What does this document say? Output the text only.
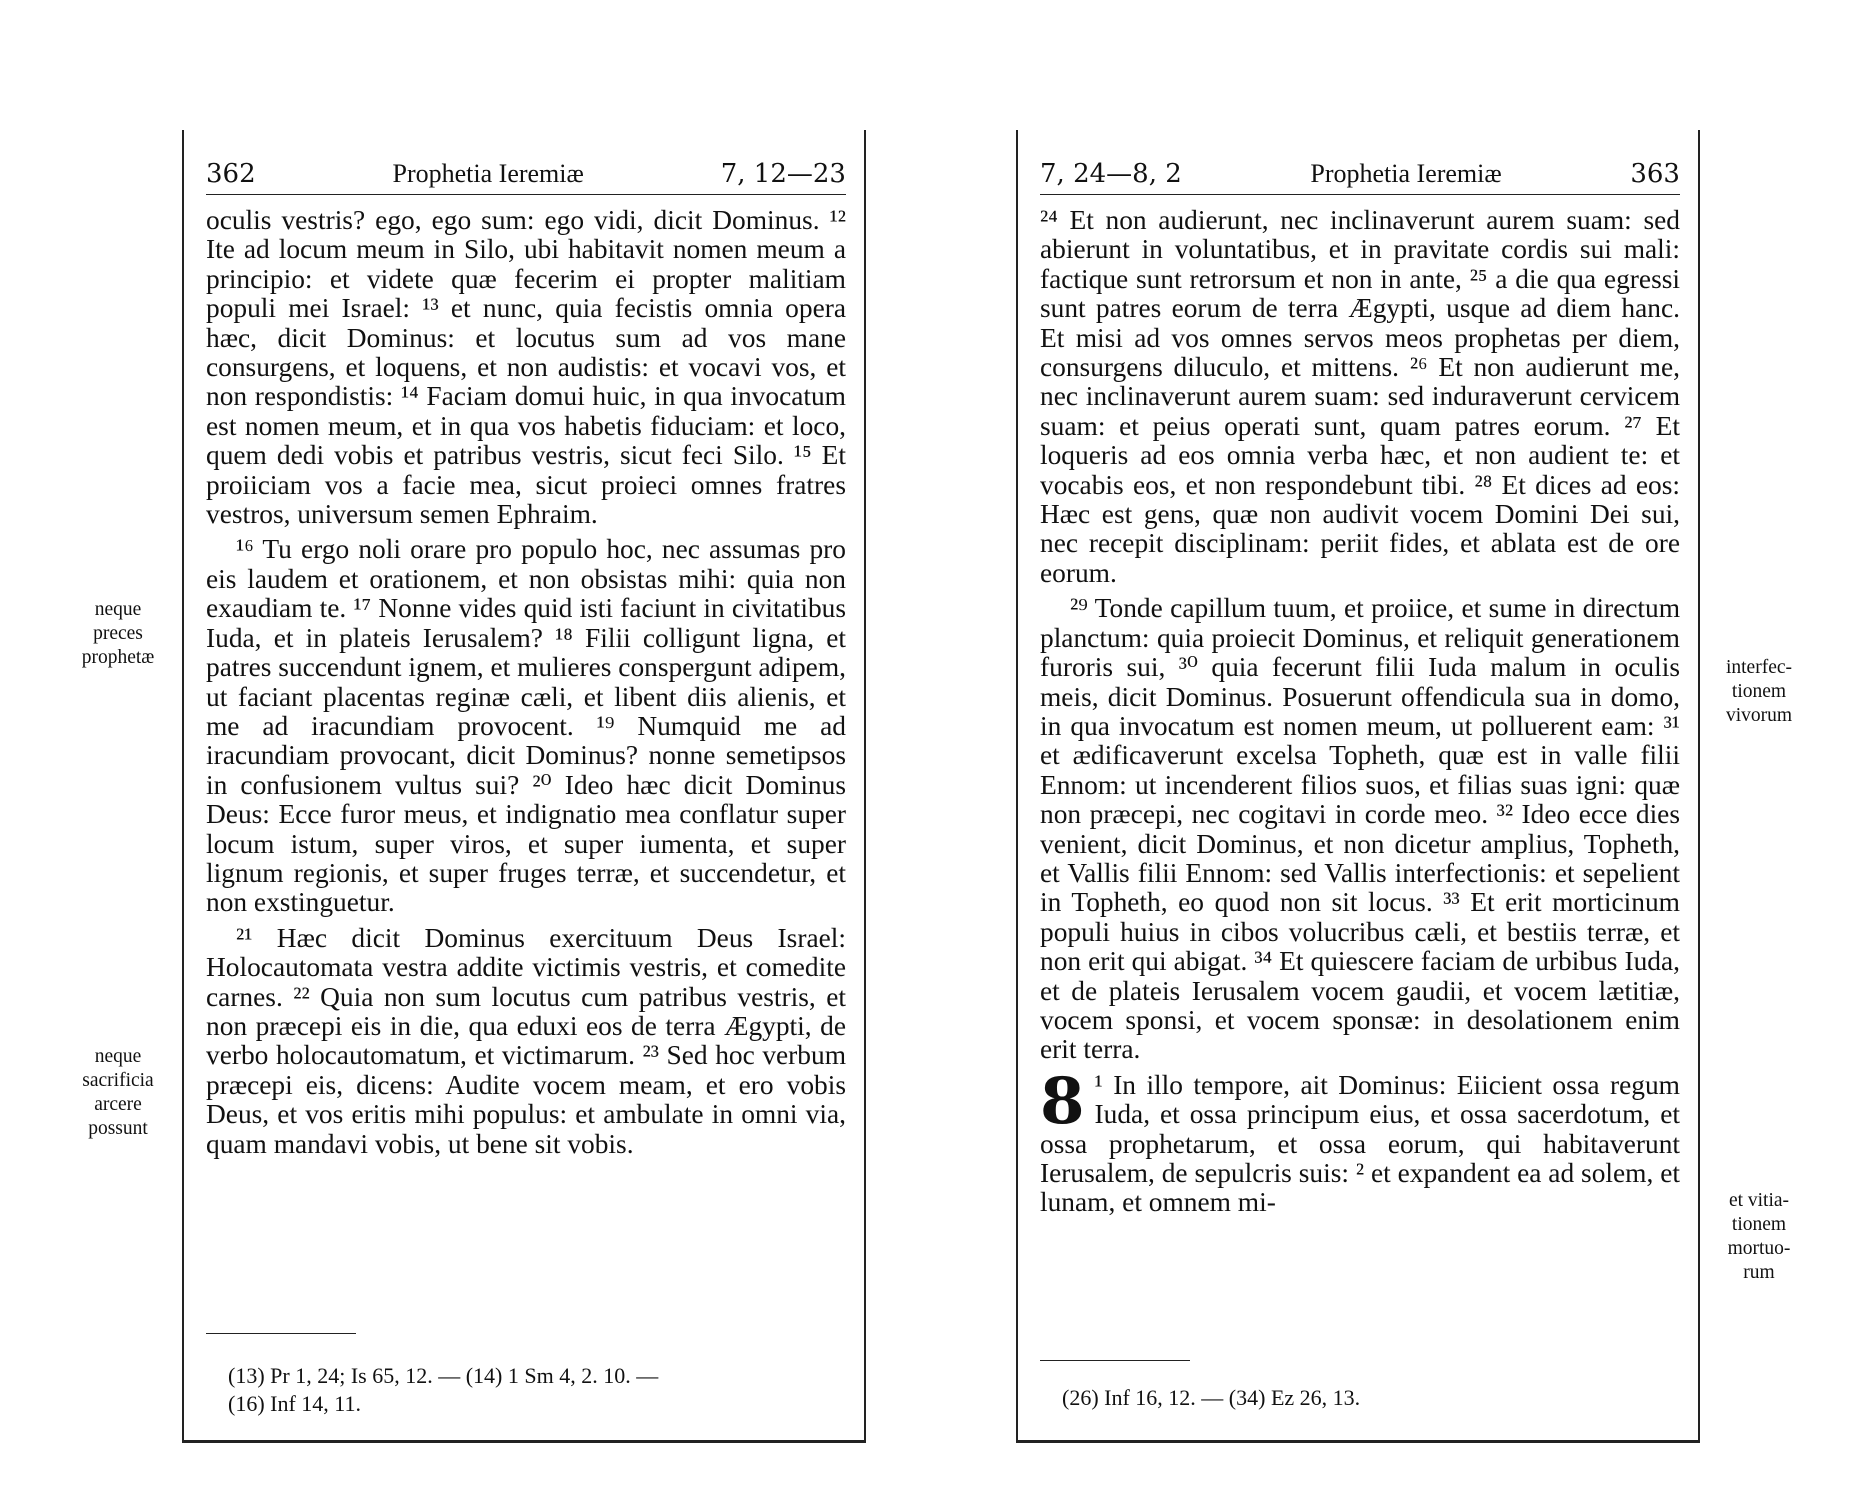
362	Prophetia Ieremiæ	7, 12—23

oculis vestris? ego, ego sum: ego vidi, dicit Dominus. ¹² Ite ad locum meum in Silo, ubi habitavit nomen meum a principio: et videte quæ fecerim ei propter malitiam populi mei Israel: ¹³ et nunc, quia fecistis omnia opera hæc, dicit Dominus: et locutus sum ad vos mane consurgens, et loquens, et non audistis: et vocavi vos, et non respondistis: ¹⁴ Faciam domui huic, in qua invocatum est nomen meum, et in qua vos habetis fiduciam: et loco, quem dedi vobis et patribus vestris, sicut feci Silo. ¹⁵ Et proiiciam vos a facie mea, sicut proieci omnes fratres vestros, universum semen Ephraim.

¹⁶ Tu ergo noli orare pro populo hoc, nec assumas pro eis laudem et orationem, et non obsistas mihi: quia non exaudiam te. ¹⁷ Nonne vides quid isti faciunt in civitatibus Iuda, et in plateis Ierusalem? ¹⁸ Filii colligunt ligna, et patres succendunt ignem, et mulieres conspergunt adipem, ut faciant placentas reginæ cæli, et libent diis alienis, et me ad iracundiam provocent. ¹⁹ Numquid me ad iracundiam provocant, dicit Dominus? nonne semetipsos in confusionem vultus sui? ²⁰ Ideo hæc dicit Dominus Deus: Ecce furor meus, et indignatio mea conflatur super locum istum, super viros, et super iumenta, et super lignum regionis, et super fruges terræ, et succendetur, et non exstinguetur.

²¹ Hæc dicit Dominus exercituum Deus Israel: Holocautomata vestra addite victimis vestris, et comedite carnes. ²² Quia non sum locutus cum patribus vestris, et non præcepi eis in die, qua eduxi eos de terra Ægypti, de verbo holocautomatum, et victimarum. ²³ Sed hoc verbum præcepi eis, dicens: Audite vocem meam, et ero vobis Deus, et vos eritis mihi populus: et ambulate in omni via, quam mandavi vobis, ut bene sit vobis.

(13) Pr 1, 24; Is 65, 12. — (14) 1 Sm 4, 2. 10. —
(16) Inf 14, 11.
neque
preces
prophetæ
neque
sacrificia
arcere
possunt
7, 24—8, 2	Prophetia Ieremiæ	363

²⁴ Et non audierunt, nec inclinaverunt aurem suam: sed abierunt in voluntatibus, et in pravitate cordis sui mali: factique sunt retrorsum et non in ante, ²⁵ a die qua egressi sunt patres eorum de terra Ægypti, usque ad diem hanc. Et misi ad vos omnes servos meos prophetas per diem, consurgens diluculo, et mittens. ²⁶ Et non audierunt me, nec inclinaverunt aurem suam: sed induraverunt cervicem suam: et peius operati sunt, quam patres eorum. ²⁷ Et loqueris ad eos omnia verba hæc, et non audient te: et vocabis eos, et non respondebunt tibi. ²⁸ Et dices ad eos: Hæc est gens, quæ non audivit vocem Domini Dei sui, nec recepit disciplinam: periit fides, et ablata est de ore eorum.

²⁹ Tonde capillum tuum, et proiice, et sume in directum planctum: quia proiecit Dominus, et reliquit generationem furoris sui, ³⁰ quia fecerunt filii Iuda malum in oculis meis, dicit Dominus. Posuerunt offendicula sua in domo, in qua invocatum est nomen meum, ut polluerent eam: ³¹ et ædificaverunt excelsa Topheth, quæ est in valle filii Ennom: ut incenderent filios suos, et filias suas igni: quæ non præcepi, nec cogitavi in corde meo. ³² Ideo ecce dies venient, dicit Dominus, et non dicetur amplius, Topheth, et Vallis filii Ennom: sed Vallis interfectionis: et sepelient in Topheth, eo quod non sit locus. ³³ Et erit morticinum populi huius in cibos volucribus cæli, et bestiis terræ, et non erit qui abigat. ³⁴ Et quiescere faciam de urbibus Iuda, et de plateis Ierusalem vocem gaudii, et vocem lætitiæ, vocem sponsi, et vocem sponsæ: in desolationem enim erit terra.

8 ¹ In illo tempore, ait Dominus: Eiicient ossa regum Iuda, et ossa principum eius, et ossa sacerdotum, et ossa prophetarum, et ossa eorum, qui habitaverunt Ierusalem, de sepulcris suis: ² et expandent ea ad solem, et lunam, et omnem mi-

(26) Inf 16, 12. — (34) Ez 26, 13.
interfec-
tionem
vivorum
et vitia-
tionem
mortuo-
rum
